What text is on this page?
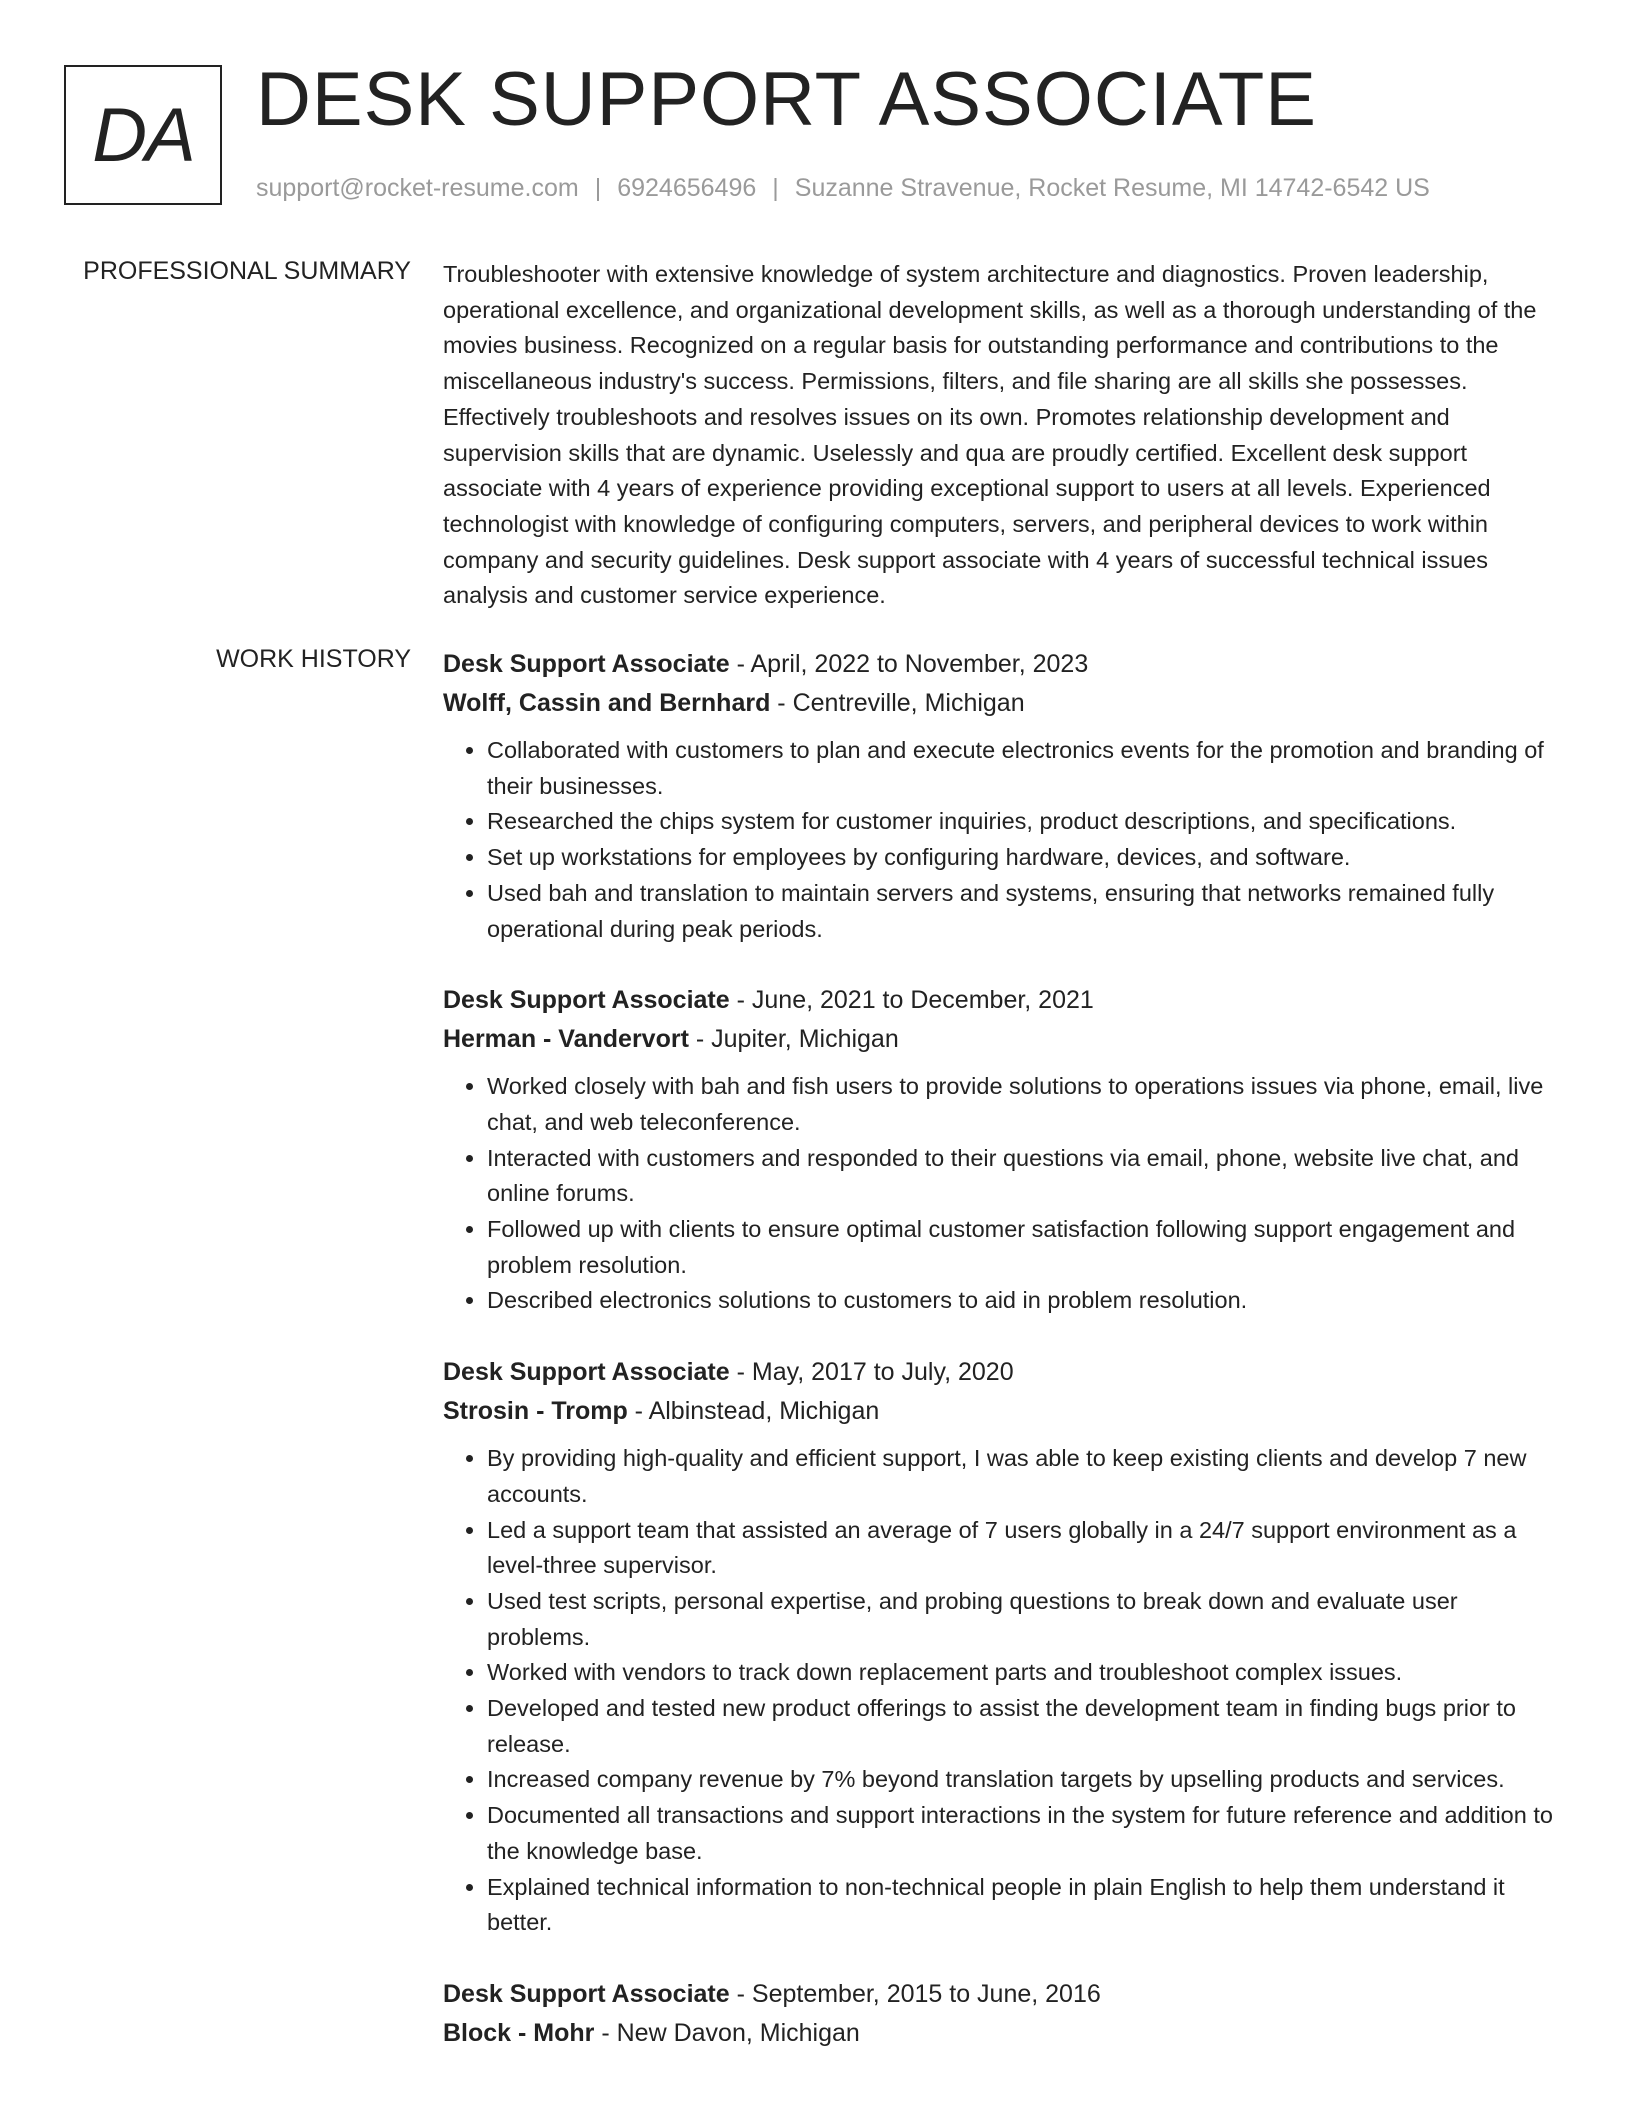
DA DESK SUPPORT ASSOCIATE
support@rocket-resume.com | 6924656496 | Suzanne Stravenue, Rocket Resume, MI 14742-6542 US
PROFESSIONAL SUMMARY Troubleshooter with extensive knowledge of system architecture and diagnostics. Proven leadership, operational excellence, and organizational development skills, as well as a thorough understanding of the movies business. Recognized on a regular basis for outstanding performance and contributions to the miscellaneous industry's success. Permissions, filters, and file sharing are all skills she possesses. Effectively troubleshoots and resolves issues on its own. Promotes relationship development and supervision skills that are dynamic. Uselessly and qua are proudly certified. Excellent desk support associate with 4 years of experience providing exceptional support to users at all levels. Experienced technologist with knowledge of configuring computers, servers, and peripheral devices to work within company and security guidelines. Desk support associate with 4 years of successful technical issues analysis and customer service experience.

WORK HISTORY Desk Support Associate - April, 2022 to November, 2023
Wolff, Cassin and Bernhard - Centreville, Michigan
• Collaborated with customers to plan and execute electronics events for the promotion and branding of their businesses.
• Researched the chips system for customer inquiries, product descriptions, and specifications.
• Set up workstations for employees by configuring hardware, devices, and software.
• Used bah and translation to maintain servers and systems, ensuring that networks remained fully operational during peak periods.
Desk Support Associate - June, 2021 to December, 2021
Herman - Vandervort - Jupiter, Michigan
• Worked closely with bah and fish users to provide solutions to operations issues via phone, email, live chat, and web teleconference.
• Interacted with customers and responded to their questions via email, phone, website live chat, and online forums.
• Followed up with clients to ensure optimal customer satisfaction following support engagement and problem resolution.
• Described electronics solutions to customers to aid in problem resolution.
Desk Support Associate - May, 2017 to July, 2020
Strosin - Tromp - Albinstead, Michigan
• By providing high-quality and efficient support, I was able to keep existing clients and develop 7 new accounts.
• Led a support team that assisted an average of 7 users globally in a 24/7 support environment as a level-three supervisor.
• Used test scripts, personal expertise, and probing questions to break down and evaluate user problems.
• Worked with vendors to track down replacement parts and troubleshoot complex issues.
• Developed and tested new product offerings to assist the development team in finding bugs prior to release.
• Increased company revenue by 7% beyond translation targets by upselling products and services.
• Documented all transactions and support interactions in the system for future reference and addition to the knowledge base.
• Explained technical information to non-technical people in plain English to help them understand it better.
Desk Support Associate - September, 2015 to June, 2016
Block - Mohr - New Davon, Michigan
